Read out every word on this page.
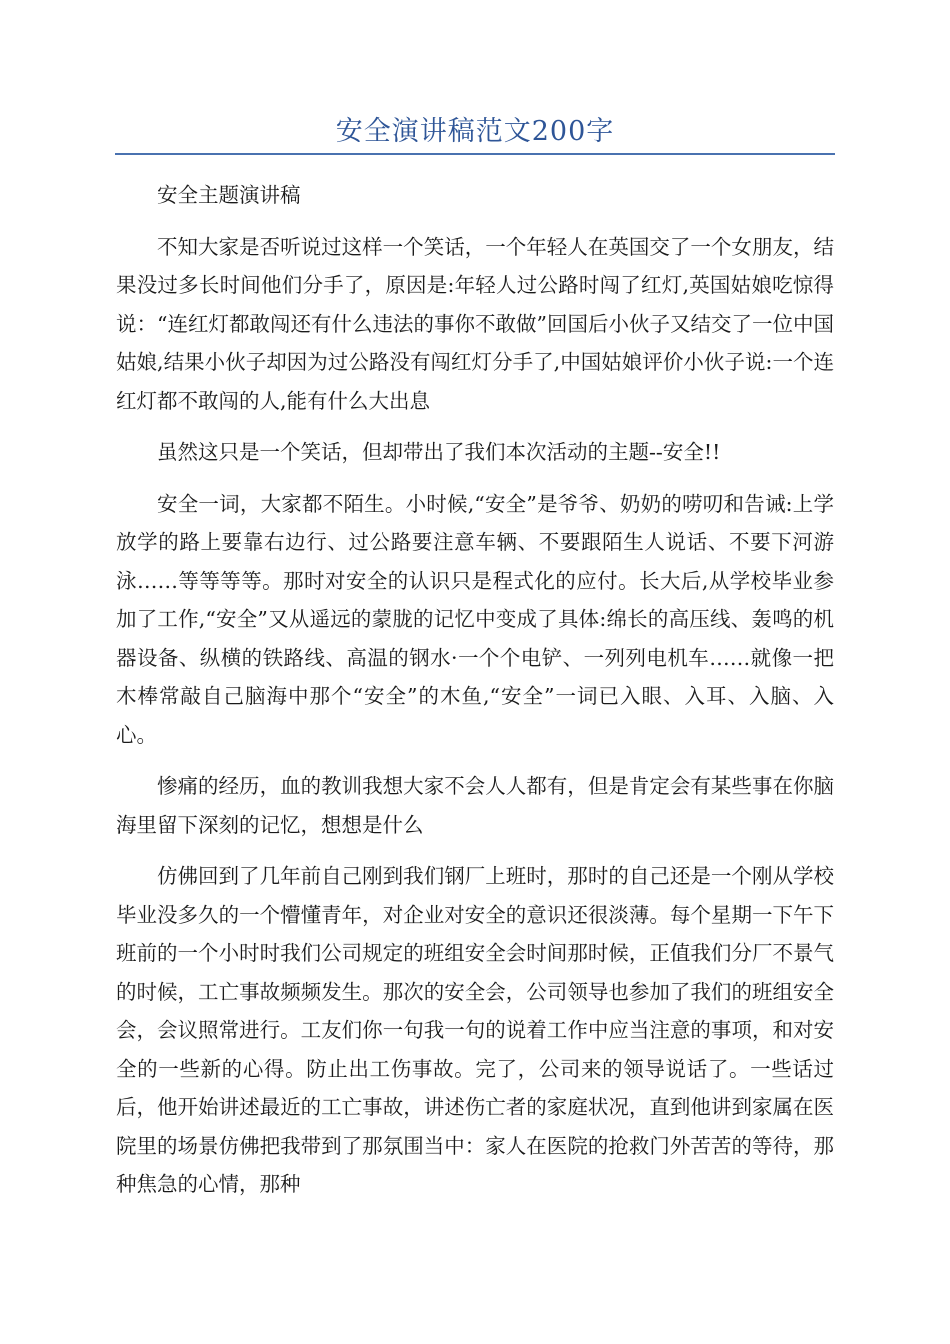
安全演讲稿范文200字

安全主题演讲稿

不知大家是否听说过这样一个笑话，一个年轻人在英国交了一个女朋友，结果没过多长时间他们分手了，原因是:年轻人过公路时闯了红灯,英国姑娘吃惊得说：“连红灯都敢闯还有什么违法的事你不敢做”回国后小伙子又结交了一位中国姑娘,结果小伙子却因为过公路没有闯红灯分手了,中国姑娘评价小伙子说:一个连红灯都不敢闯的人,能有什么大出息

虽然这只是一个笑话，但却带出了我们本次活动的主题--安全!!

安全一词，大家都不陌生。小时候,“安全”是爷爷、奶奶的唠叨和告诫:上学放学的路上要靠右边行、过公路要注意车辆、不要跟陌生人说话、不要下河游泳……等等等等。那时对安全的认识只是程式化的应付。长大后,从学校毕业参加了工作,“安全”又从遥远的蒙胧的记忆中变成了具体:绵长的高压线、轰鸣的机器设备、纵横的铁路线、高温的钢水·一个个电铲、一列列电机车……就像一把木棒常敲自己脑海中那个“安全”的木鱼,“安全”一词已入眼、入耳、入脑、入心。

惨痛的经历，血的教训我想大家不会人人都有，但是肯定会有某些事在你脑海里留下深刻的记忆，想想是什么

仿佛回到了几年前自己刚到我们钢厂上班时，那时的自己还是一个刚从学校毕业没多久的一个懵懂青年，对企业对安全的意识还很淡薄。每个星期一下午下班前的一个小时时我们公司规定的班组安全会时间那时候，正值我们分厂不景气的时候，工亡事故频频发生。那次的安全会，公司领导也参加了我们的班组安全会，会议照常进行。工友们你一句我一句的说着工作中应当注意的事项，和对安全的一些新的心得。防止出工伤事故。完了，公司来的领导说话了。一些话过后，他开始讲述最近的工亡事故，讲述伤亡者的家庭状况，直到他讲到家属在医院里的场景仿佛把我带到了那氛围当中：家人在医院的抢救门外苦苦的等待，那种焦急的心情，那种
